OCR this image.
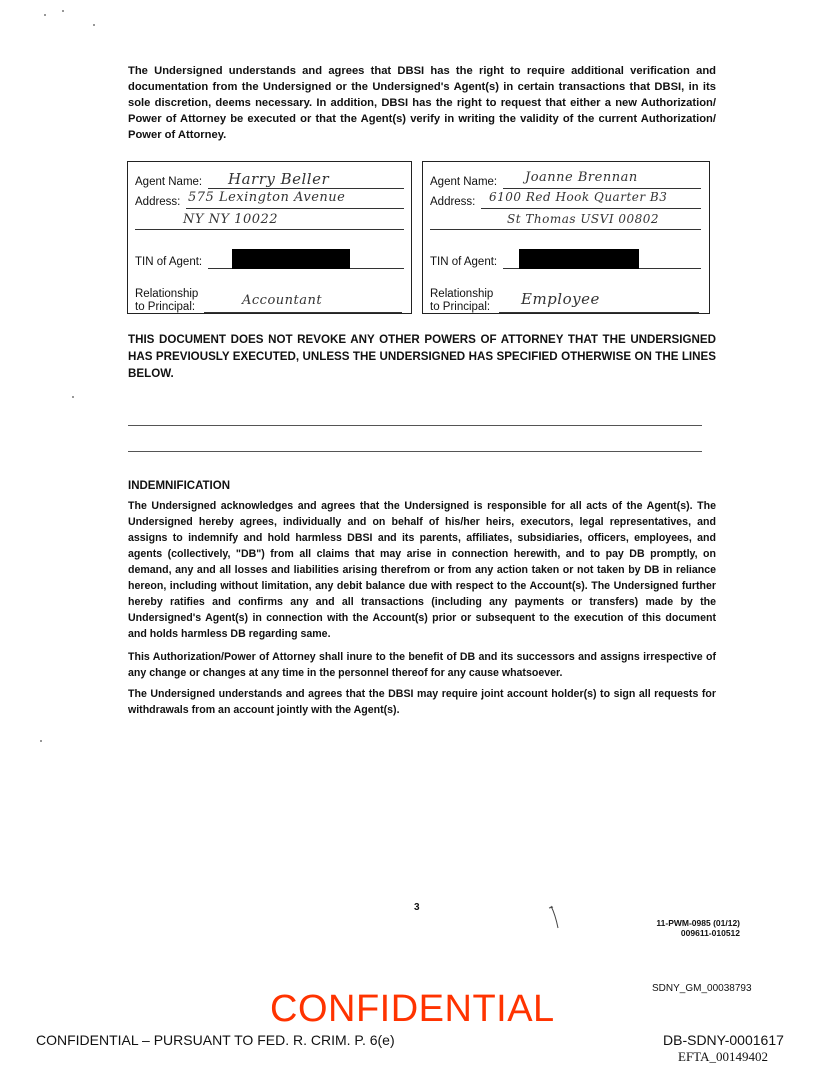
The Undersigned understands and agrees that DBSI has the right to require additional verification and documentation from the Undersigned or the Undersigned's Agent(s) in certain transactions that DBSI, in its sole discretion, deems necessary. In addition, DBSI has the right to request that either a new Authorization/ Power of Attorney be executed or that the Agent(s) verify in writing the validity of the current Authorization/ Power of Attorney.

Agent Name: Harry Beller
Address: 575 Lexington Avenue
NY NY 10022
TIN of Agent:
Relationship
to Principal:	Accountant
Agent Name: Joanne Brennan
Address: 6100 Red Hook Quarter B3
St Thomas USVI 00802
TIN of Agent:
Relationship
to Principal: Employee

THIS DOCUMENT DOES NOT REVOKE ANY OTHER POWERS OF ATTORNEY THAT THE UNDERSIGNED HAS PREVIOUSLY EXECUTED, UNLESS THE UNDERSIGNED HAS SPECIFIED OTHERWISE ON THE LINES BELOW.

INDEMNIFICATION

The Undersigned acknowledges and agrees that the Undersigned is responsible for all acts of the Agent(s). The Undersigned hereby agrees, individually and on behalf of his/her heirs, executors, legal representatives, and assigns to indemnify and hold harmless DBSI and its parents, affiliates, subsidiaries, officers, employees, and agents (collectively, "DB") from all claims that may arise in connection herewith, and to pay DB promptly, on demand, any and all losses and liabilities arising therefrom or from any action taken or not taken by DB in reliance hereon, including without limitation, any debit balance due with respect to the Account(s). The Undersigned further hereby ratifies and confirms any and all transactions (including any payments or transfers) made by the Undersigned's Agent(s) in connection with the Account(s) prior or subsequent to the execution of this document and holds harmless DB regarding same.

This Authorization/Power of Attorney shall inure to the benefit of DB and its successors and assigns irrespective of any change or changes at any time in the personnel thereof for any cause whatsoever.

The Undersigned understands and agrees that the DBSI may require joint account holder(s) to sign all requests for withdrawals from an account jointly with the Agent(s).

3
11-PWM-0985 (01/12)
009611-010512
SDNY_GM_00038793
CONFIDENTIAL
CONFIDENTIAL – PURSUANT TO FED. R. CRIM. P. 6(e)	DB-SDNY-0001617
EFTA_00149402
